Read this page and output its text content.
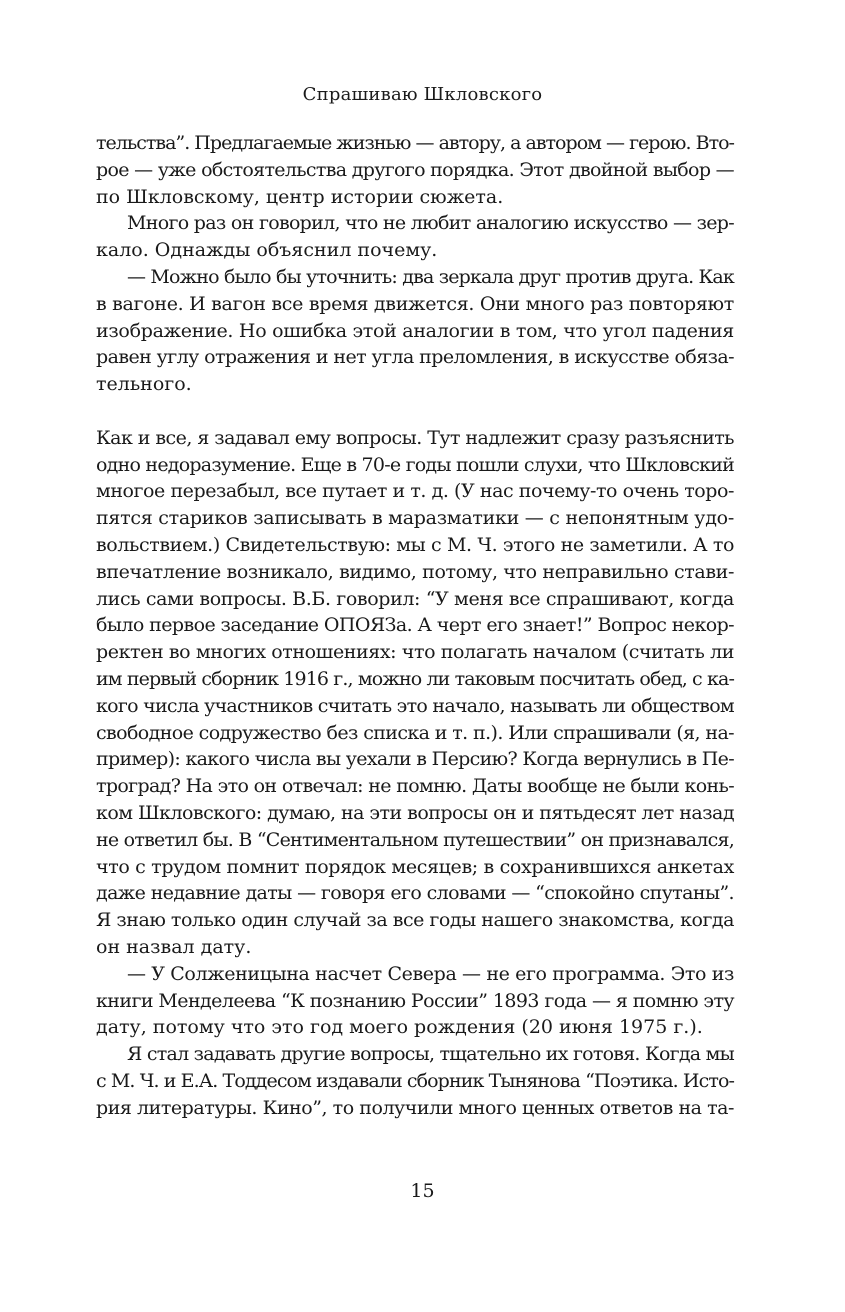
Спрашиваю Шкловского
тельства”. Предлагаемые жизнью — автору, а автором — герою. Вто-
рое — уже обстоятельства другого порядка. Этот двойной выбор —
по Шкловскому, центр истории сюжета.
Много раз он говорил, что не любит аналогию искусство — зер-
кало. Однажды объяснил почему.
— Можно было бы уточнить: два зеркала друг против друга. Как
в вагоне. И вагон все время движется. Они много раз повторяют
изображение. Но ошибка этой аналогии в том, что угол падения
равен углу отражения и нет угла преломления, в искусстве обяза-
тельного.
Как и все, я задавал ему вопросы. Тут надлежит сразу разъяснить
одно недоразумение. Еще в 70-е годы пошли слухи, что Шкловский
многое перезабыл, все путает и т. д. (У нас почему-то очень торо-
пятся стариков записывать в маразматики — с непонятным удо-
вольствием.) Свидетельствую: мы с М. Ч. этого не заметили. А то
впечатление возникало, видимо, потому, что неправильно стави-
лись сами вопросы. В.Б. говорил: “У меня все спрашивают, когда
было первое заседание ОПОЯЗа. А черт его знает!” Вопрос некор-
ректен во многих отношениях: что полагать началом (считать ли
им первый сборник 1916 г., можно ли таковым посчитать обед, с ка-
кого числа участников считать это начало, называть ли обществом
свободное содружество без списка и т. п.). Или спрашивали (я, на-
пример): какого числа вы уехали в Персию? Когда вернулись в Пе-
троград? На это он отвечал: не помню. Даты вообще не были конь-
ком Шкловского: думаю, на эти вопросы он и пятьдесят лет назад
не ответил бы. В “Сентиментальном путешествии” он признавался,
что с трудом помнит порядок месяцев; в сохранившихся анкетах
даже недавние даты — говоря его словами — “спокойно спутаны”.
Я знаю только один случай за все годы нашего знакомства, когда
он назвал дату.
— У Солженицына насчет Севера — не его программа. Это из
книги Менделеева “К познанию России” 1893 года — я помню эту
дату, потому что это год моего рождения (20 июня 1975 г.).
Я стал задавать другие вопросы, тщательно их готовя. Когда мы
с М. Ч. и Е.А. Тоддесом издавали сборник Тынянова “Поэтика. Исто-
рия литературы. Кино”, то получили много ценных ответов на та-
15
